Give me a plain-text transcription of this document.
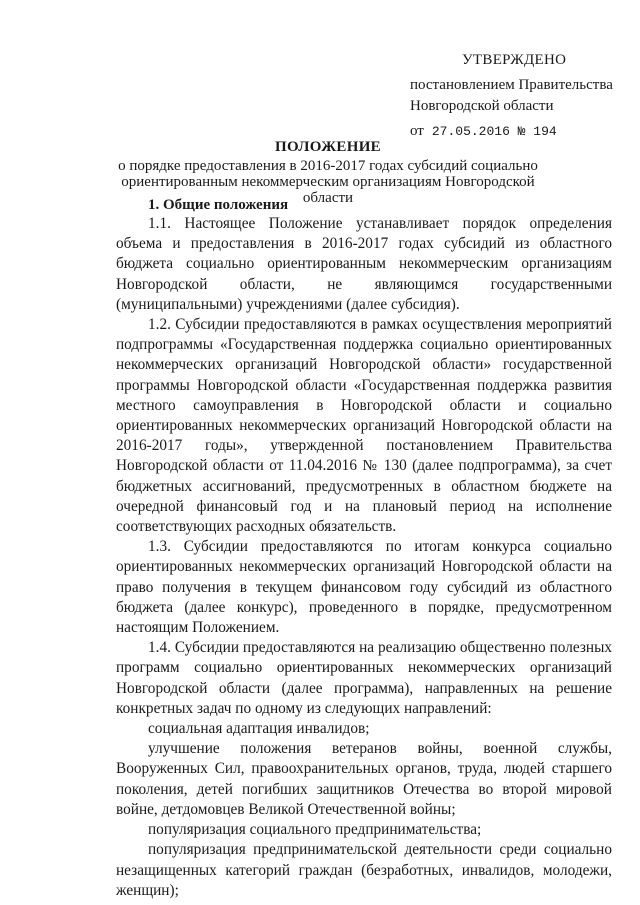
УТВЕРЖДЕНО
постановлением Правительства
Новгородской области
от 27.05.2016 № 194
ПОЛОЖЕНИЕ
о порядке предоставления в 2016-2017 годах субсидий социально ориентированным некоммерческим организациям Новгородской области
1. Общие положения

1.1. Настоящее Положение устанавливает порядок определения объема и предоставления в 2016-2017 годах субсидий из областного бюджета социально ориентированным некоммерческим организациям Новгородской области, не являющимся государственными (муниципальными) учреждениями (далее субсидия).

1.2. Субсидии предоставляются в рамках осуществления мероприятий подпрограммы «Государственная поддержка социально ориентированных некоммерческих организаций Новгородской области» государственной программы Новгородской области «Государственная поддержка развития местного самоуправления в Новгородской области и социально ориентированных некоммерческих организаций Новгородской области на 2016-2017 годы», утвержденной постановлением Правительства Новгородской области от 11.04.2016 № 130 (далее подпрограмма), за счет бюджетных ассигнований, предусмотренных в областном бюджете на очередной финансовый год и на плановый период на исполнение соответствующих расходных обязательств.

1.3. Субсидии предоставляются по итогам конкурса социально ориентированных некоммерческих организаций Новгородской области на право получения в текущем финансовом году субсидий из областного бюджета (далее конкурс), проведенного в порядке, предусмотренном настоящим Положением.

1.4. Субсидии предоставляются на реализацию общественно полезных программ социально ориентированных некоммерческих организаций Новгородской области (далее программа), направленных на решение конкретных задач по одному из следующих направлений:

социальная адаптация инвалидов;

улучшение положения ветеранов войны, военной службы, Вооруженных Сил, правоохранительных органов, труда, людей старшего поколения, детей погибших защитников Отечества во второй мировой войне, детдомовцев Великой Отечественной войны;

популяризация социального предпринимательства;

популяризация предпринимательской деятельности среди социально незащищенных категорий граждан (безработных, инвалидов, молодежи, женщин);
